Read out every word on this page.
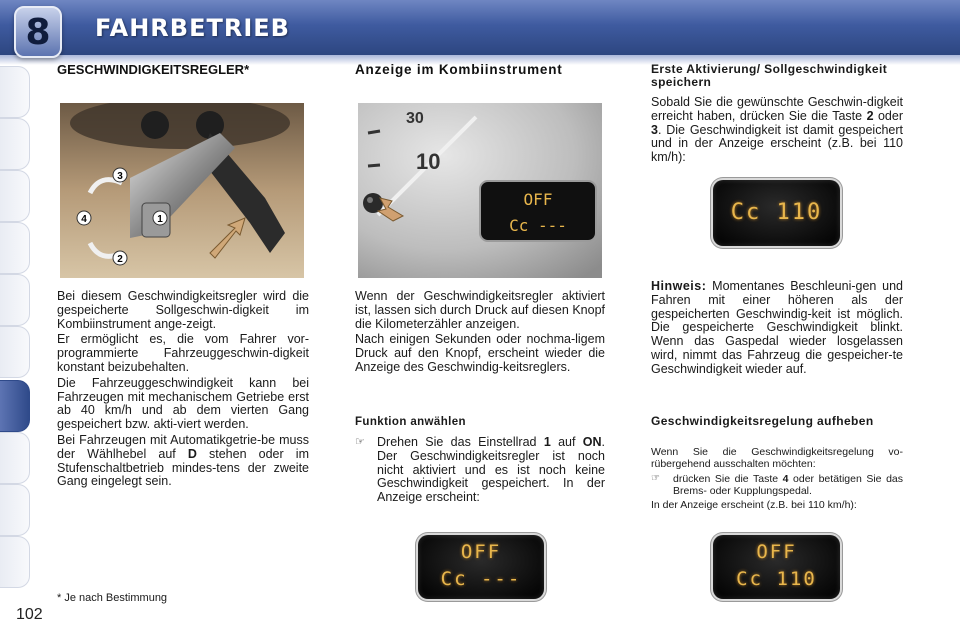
8	FAHRBETRIEB
102
* Je nach Bestimmung
GESCHWINDIGKEITSREGLER*
3
4	1
2

Bei diesem Geschwindigkeitsregler wird die gespeicherte Sollgeschwin-digkeit im Kombiinstrument ange-zeigt.

Er ermöglicht es, die vom Fahrer vor-programmierte Fahrzeuggeschwin-digkeit konstant beizubehalten.

Die Fahrzeuggeschwindigkeit kann bei Fahrzeugen mit mechanischem Getriebe erst ab 40 km/h und ab dem vierten Gang gespeichert bzw. akti-viert werden.

Bei Fahrzeugen mit Automatikgetrie-be muss der Wählhebel auf D stehen oder im Stufenschaltbetrieb mindes-tens der zweite Gang eingelegt sein.

Anzeige im Kombiinstrument
30
10
OFF
Cc ---

Wenn der Geschwindigkeitsregler aktiviert ist, lassen sich durch Druck auf diesen Knopf die Kilometerzähler anzeigen.

Nach einigen Sekunden oder nochma-ligem Druck auf den Knopf, erscheint wieder die Anzeige des Geschwindig-keitsreglers.

Funktion anwählen
☞ Drehen Sie das Einstellrad 1 auf ON. Der Geschwindigkeitsregler ist noch nicht aktiviert und es ist noch keine Geschwindigkeit gespeichert. In der Anzeige erscheint:

OFF
Cc ---
Erste Aktivierung/ Sollgeschwindigkeit speichern

Sobald Sie die gewünschte Geschwin-digkeit erreicht haben, drücken Sie die Taste 2 oder 3. Die Geschwindigkeit ist damit gespeichert und in der Anzeige erscheint (z.B. bei 110 km/h):

Cc 110

Hinweis: Momentanes Beschleuni-gen und Fahren mit einer höheren als der gespeicherten Geschwindig-keit ist möglich. Die gespeicherte Geschwindigkeit blinkt. Wenn das Gaspedal wieder losgelassen wird, nimmt das Fahrzeug die gespeicher-te Geschwindigkeit wieder auf.

Geschwindigkeitsregelung aufheben

Wenn Sie die Geschwindigkeitsregelung vo-rübergehend ausschalten möchten:

☞ drücken Sie die Taste 4 oder betätigen Sie das Brems- oder Kupplungspedal.

In der Anzeige erscheint (z.B. bei 110 km/h):

OFF
Cc 110
